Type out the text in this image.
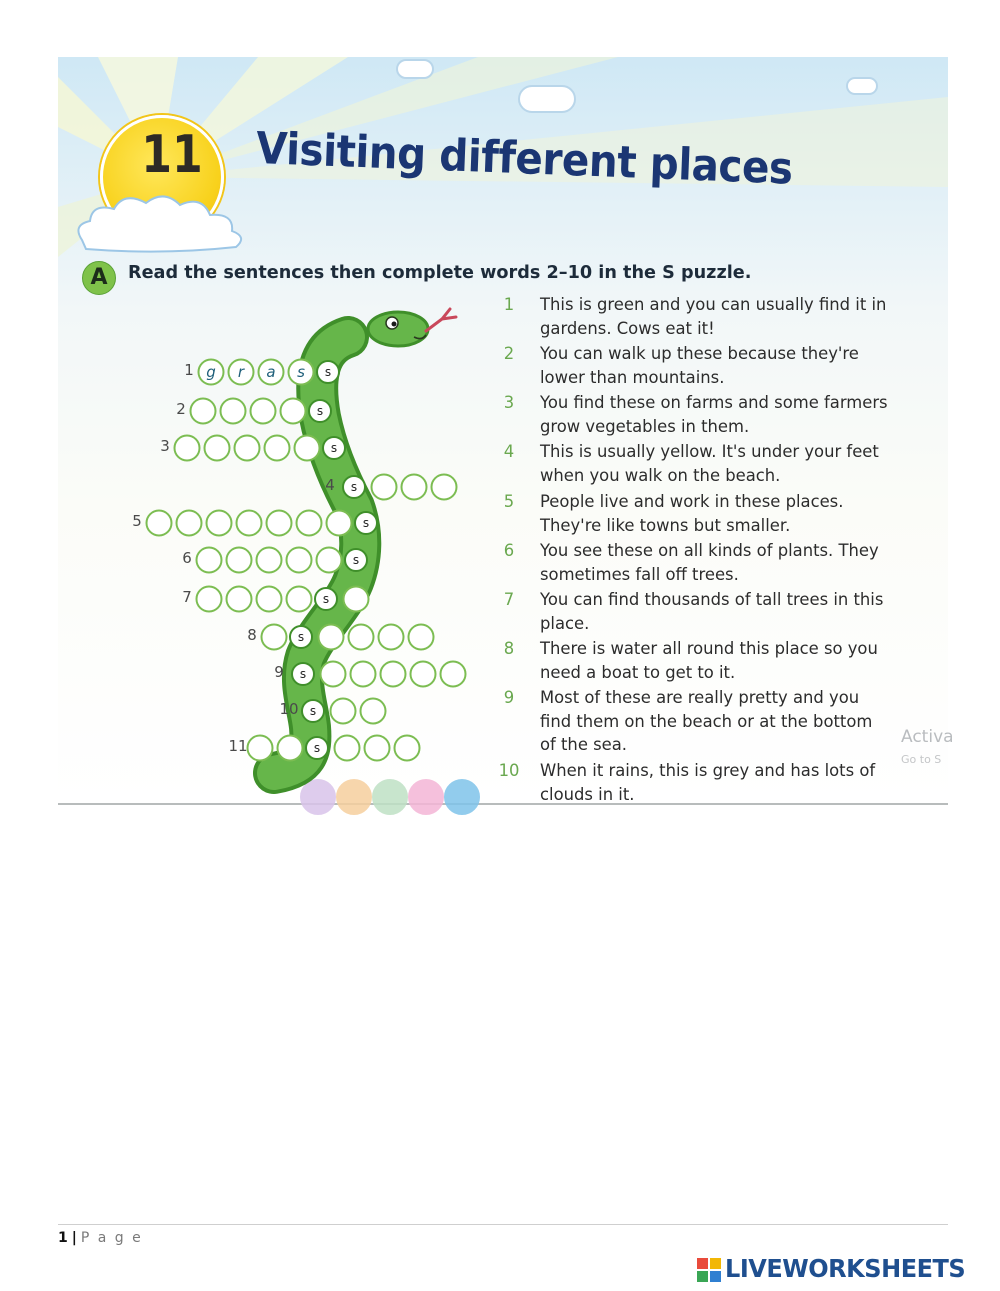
11 Visiting different places
A	Read the sentences then complete words 2–10 in the S puzzle.
g r a s
1	s
2	s
3	s
4 s
5	s
6	s
7	s
8	s
9 s
10 s
11	s
1	This is green and you can usually find it in
gardens. Cows eat it!
2	You can walk up these because they're
lower than mountains.
3	You find these on farms and some farmers
grow vegetables in them.
4	This is usually yellow. It's under your feet
when you walk on the beach.
5	People live and work in these places.
They're like towns but smaller.
6	You see these on all kinds of plants. They
sometimes fall off trees.
7	You can find thousands of tall trees in this
place.
8	There is water all round this place so you
need a boat to get to it.
9	Most of these are really pretty and you
find them on the beach or at the bottom
of the sea.
10 When it rains, this is grey and has lots of
clouds in it.
Activa
Go to S
1 | P a g e
LIVEWORKSHEETS
